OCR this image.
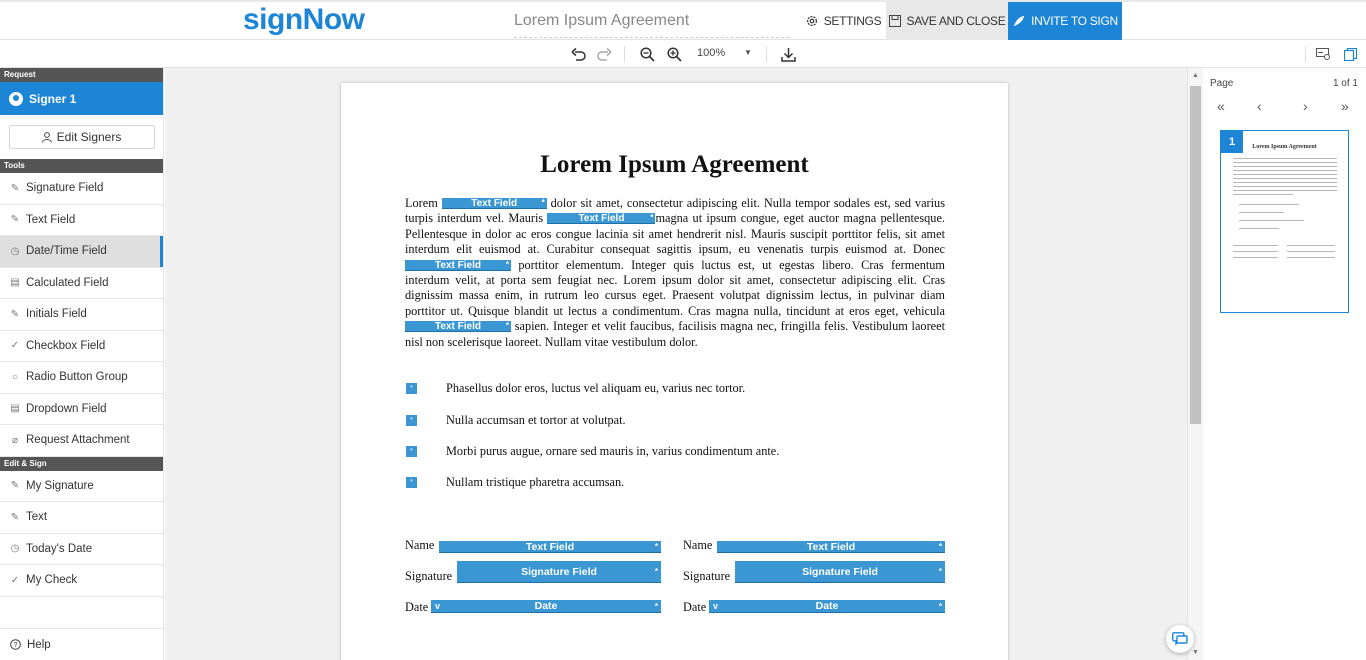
signNow	Lorem Ipsum Agreement	SETTINGS SAVE AND CLOSE INVITE TO SIGN
100% ▼
Request
Signer 1
Edit Signers
Tools
✎ Signature Field
✎ Text Field
◷ Date/Time Field
▤ Calculated Field
✎ Initials Field
✓ Checkbox Field
○ Radio Button Group
▤ Dropdown Field
⌀ Request Attachment
Edit & Sign
✎ My Signature
✎ Text
◷ Today's Date
✓ My Check
? Help
Lorem Ipsum Agreement
Lorem	Text Field	* dolor sit amet, consectetur adipiscing elit. Nulla tempor sodales est, sed varius turpis interdum vel. Mauris	Text Field	* magna ut ipsum congue, eget auctor magna pellentesque. Pellentesque in dolor ac eros congue lacinia sit amet hendrerit nisl. Mauris suscipit porttitor felis, sit amet interdum elit euismod at. Curabitur consequat sagittis ipsum, eu venenatis turpis euismod at. DonecText Field	* porttitor elementum. Integer quis luctus est, ut egestas libero. Cras fermentum interdum velit, at porta sem feugiat nec. Lorem ipsum dolor sit amet, consectetur adipiscing elit. Cras dignissim massa enim, in rutrum leo cursus eget. Praesent volutpat dignissim lectus, in pulvinar diam porttitor ut. Quisque blandit ut lectus a condimentum. Cras magna nulla, tincidunt at eros eget, vehicula Text Field	* sapien. Integer et velit faucibus, facilisis magna nec, fringilla felis. Vestibulum laoreet nisl non scelerisque laoreet. Nullam vitae vestibulum dolor.
*	Phasellus dolor eros, luctus vel aliquam eu, varius nec tortor.
*	Nulla accumsan et tortor at volutpat.
*	Morbi purus augue, ornare sed mauris in, varius condimentum ante.
*	Nullam tristique pharetra accumsan.
Name	Text Field	*
Signature	Signature Field	*
Date v	Date	*
Name	Text Field	*
Signature	Signature Field	*
Date v	Date	*
▲
▼
Page	1 of 1
« ‹	› »
1	Lorem Ipsum Agreement
